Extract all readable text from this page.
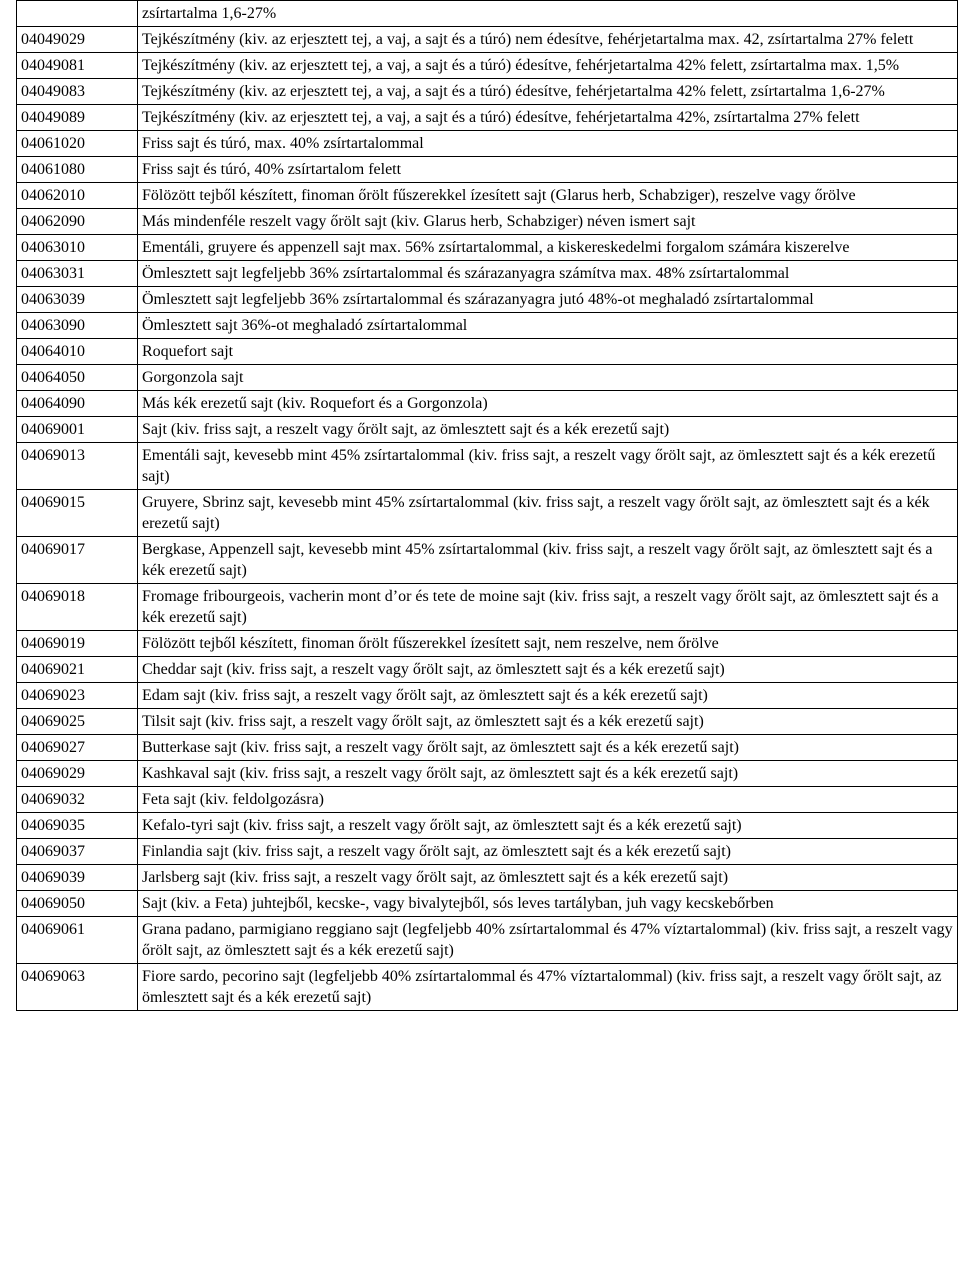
	zsírtartalma 1,6-27%
04049029	Tejkészítmény (kiv. az erjesztett tej, a vaj, a sajt és a túró) nem édesítve, fehérjetartalma max. 42, zsírtartalma 27% felett
04049081	Tejkészítmény (kiv. az erjesztett tej, a vaj, a sajt és a túró) édesítve, fehérjetartalma 42% felett, zsírtartalma max. 1,5%
04049083	Tejkészítmény (kiv. az erjesztett tej, a vaj, a sajt és a túró) édesítve, fehérjetartalma 42% felett, zsírtartalma 1,6-27%
04049089	Tejkészítmény (kiv. az erjesztett tej, a vaj, a sajt és a túró) édesítve, fehérjetartalma 42%, zsírtartalma 27% felett
04061020	Friss sajt és túró, max. 40% zsírtartalommal
04061080	Friss sajt és túró, 40% zsírtartalom felett
04062010	Fölözött tejből készített, finoman őrölt fűszerekkel ízesített sajt (Glarus herb, Schabziger), reszelve vagy őrölve
04062090	Más mindenféle reszelt vagy őrölt sajt (kiv. Glarus herb, Schabziger) néven ismert sajt
04063010	Ementáli, gruyere és appenzell sajt max. 56% zsírtartalommal, a kiskereskedelmi forgalom számára kiszerelve
04063031	Ömlesztett sajt legfeljebb 36% zsírtartalommal és szárazanyagra számítva max. 48% zsírtartalommal
04063039	Ömlesztett sajt legfeljebb 36% zsírtartalommal és szárazanyagra jutó 48%-ot meghaladó zsírtartalommal
04063090	Ömlesztett sajt 36%-ot meghaladó zsírtartalommal
04064010	Roquefort sajt
04064050	Gorgonzola sajt
04064090	Más kék erezetű sajt (kiv. Roquefort és a Gorgonzola)
04069001	Sajt (kiv. friss sajt, a reszelt vagy őrölt sajt, az ömlesztett sajt és a kék erezetű sajt)
04069013	Ementáli sajt, kevesebb mint 45% zsírtartalommal (kiv. friss sajt, a reszelt vagy őrölt sajt, az ömlesztett sajt és a kék erezetű sajt)
04069015	Gruyere, Sbrinz sajt, kevesebb mint 45% zsírtartalommal (kiv. friss sajt, a reszelt vagy őrölt sajt, az ömlesztett sajt és a kék erezetű sajt)
04069017	Bergkase, Appenzell sajt, kevesebb mint 45% zsírtartalommal (kiv. friss sajt, a reszelt vagy őrölt sajt, az ömlesztett sajt és a kék erezetű sajt)
04069018	Fromage fribourgeois, vacherin mont d’or és tete de moine sajt (kiv. friss sajt, a reszelt vagy őrölt sajt, az ömlesztett sajt és a kék erezetű sajt)
04069019	Fölözött tejből készített, finoman őrölt fűszerekkel ízesített sajt, nem reszelve, nem őrölve
04069021	Cheddar sajt (kiv. friss sajt, a reszelt vagy őrölt sajt, az ömlesztett sajt és a kék erezetű sajt)
04069023	Edam sajt (kiv. friss sajt, a reszelt vagy őrölt sajt, az ömlesztett sajt és a kék erezetű sajt)
04069025	Tilsit sajt (kiv. friss sajt, a reszelt vagy őrölt sajt, az ömlesztett sajt és a kék erezetű sajt)
04069027	Butterkase sajt (kiv. friss sajt, a reszelt vagy őrölt sajt, az ömlesztett sajt és a kék erezetű sajt)
04069029	Kashkaval sajt (kiv. friss sajt, a reszelt vagy őrölt sajt, az ömlesztett sajt és a kék erezetű sajt)
04069032	Feta sajt (kiv. feldolgozásra)
04069035	Kefalo-tyri sajt (kiv. friss sajt, a reszelt vagy őrölt sajt, az ömlesztett sajt és a kék erezetű sajt)
04069037	Finlandia sajt (kiv. friss sajt, a reszelt vagy őrölt sajt, az ömlesztett sajt és a kék erezetű sajt)
04069039	Jarlsberg sajt (kiv. friss sajt, a reszelt vagy őrölt sajt, az ömlesztett sajt és a kék erezetű sajt)
04069050	Sajt (kiv. a Feta) juhtejből, kecske-, vagy bivalytejből, sós leves tartályban, juh vagy kecskebőrben
04069061	Grana padano, parmigiano reggiano sajt (legfeljebb 40% zsírtartalommal és 47% víztartalommal) (kiv. friss sajt, a reszelt vagy őrölt sajt, az ömlesztett sajt és a kék erezetű sajt)
04069063	Fiore sardo, pecorino sajt (legfeljebb 40% zsírtartalommal és 47% víztartalommal) (kiv. friss sajt, a reszelt vagy őrölt sajt, az ömlesztett sajt és a kék erezetű sajt)
